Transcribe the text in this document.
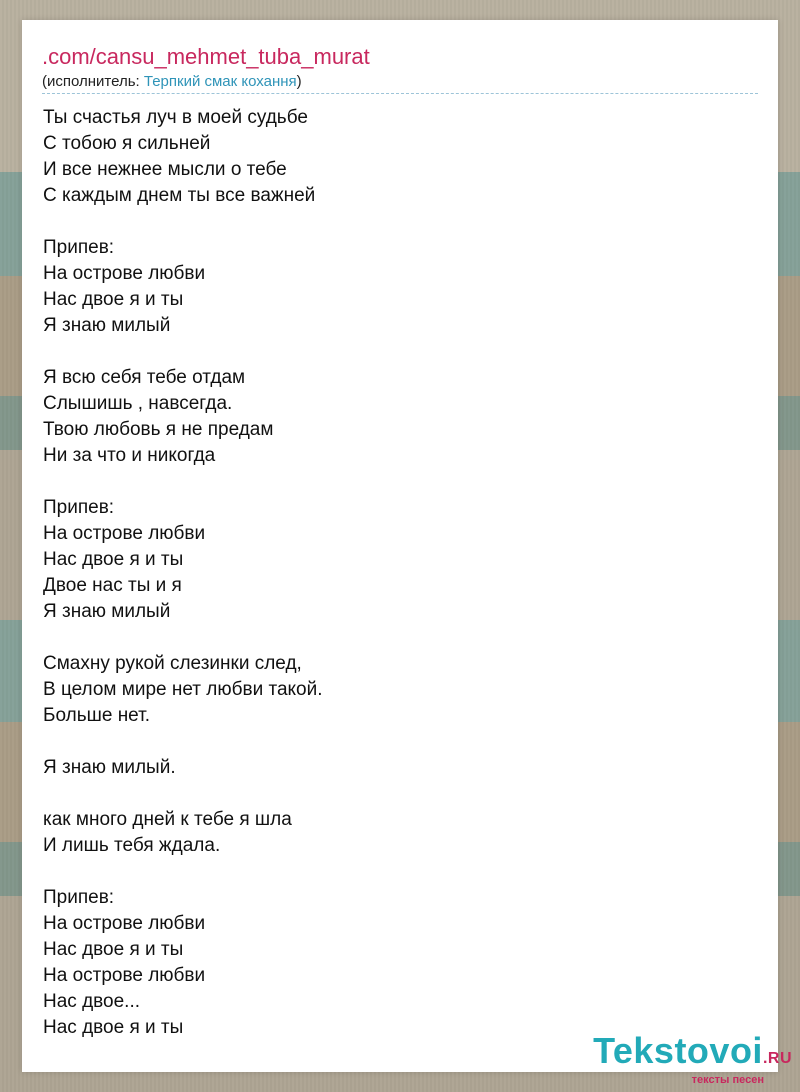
.com/cansu_mehmet_tuba_murat
(исполнитель: Терпкий смак кохання)
Ты счастья луч в моей судьбе
С тобою я сильней
И все нежнее мысли о тебе
С каждым днем ты все важней
Припев:
На острове любви
Нас двое я и ты
Я знаю милый
Я всю себя тебе отдам
Слышишь , навсегда.
Твою любовь я не предам
Ни за что и никогда
Припев:
На острове любви
Нас двое я и ты
Двое нас ты и я
Я знаю милый
Смахну рукой слезинки след,
В целом мире нет любви такой.
Больше нет.
Я знаю милый.
как много дней к тебе я шла
И лишь тебя ждала.
Припев:
На острове любви
Нас двое я и ты
На острове любви
Нас двое...
Нас двое я и ты
Tekstovoi.RU
тексты песен
